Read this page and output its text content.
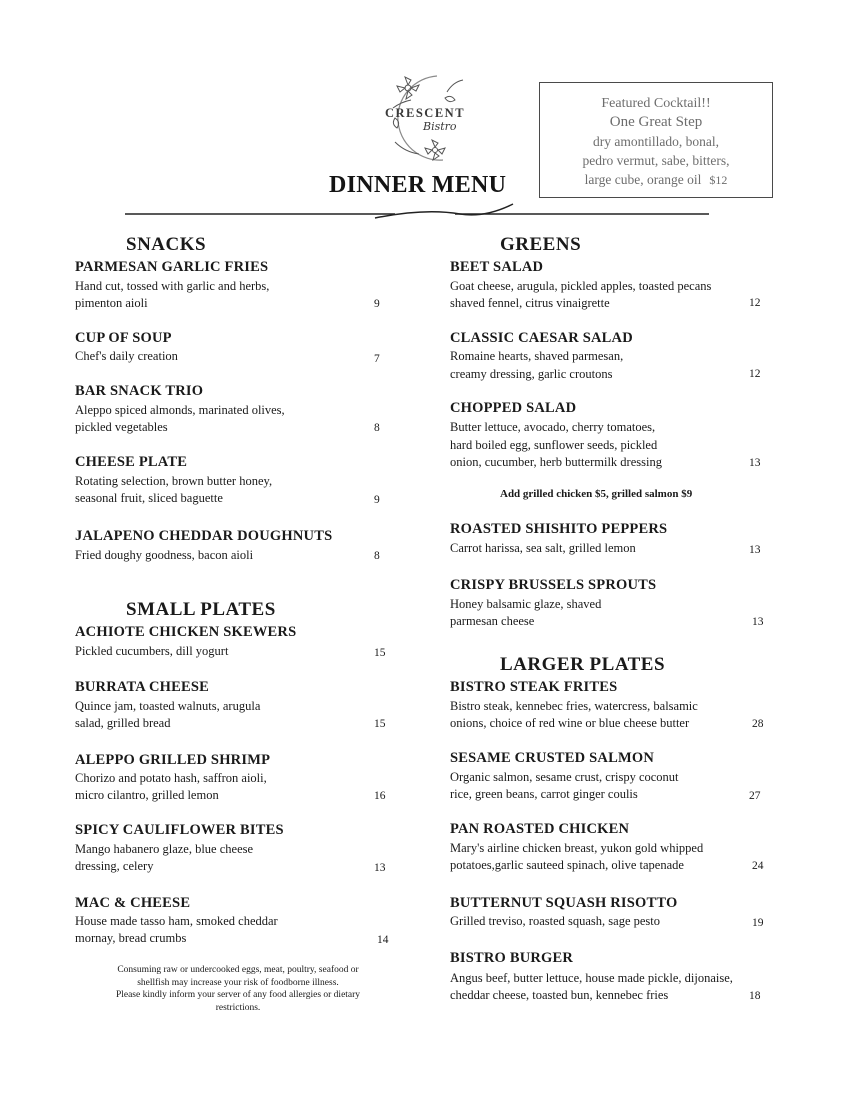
CRESCENT
Bistro
DINNER MENU
Featured Cocktail!!
One Great Step
dry amontillado, bonal,
pedro vermut, sabe, bitters,
large cube, orange oil $12
SNACKS
SMALL PLATES
GREENS
LARGER PLATES
PARMESAN GARLIC FRIES
Hand cut, tossed with garlic and herbs,
pimenton aioli	9
CUP OF SOUP
Chef's daily creation	7
BAR SNACK TRIO
Aleppo spiced almonds, marinated olives,
pickled vegetables	8
CHEESE PLATE
Rotating selection, brown butter honey,
seasonal fruit, sliced baguette	9
JALAPENO CHEDDAR DOUGHNUTS
Fried doughy goodness, bacon aioli	8
ACHIOTE CHICKEN SKEWERS
Pickled cucumbers, dill yogurt	15
BURRATA CHEESE
Quince jam, toasted walnuts, arugula
salad, grilled bread	15
ALEPPO GRILLED SHRIMP
Chorizo and potato hash, saffron aioli,
micro cilantro, grilled lemon	16
SPICY CAULIFLOWER BITES
Mango habanero glaze, blue cheese
dressing, celery	13
MAC & CHEESE
House made tasso ham, smoked cheddar
mornay, bread crumbs	14
Consuming raw or undercooked eggs, meat, poultry, seafood or
shellfish may increase your risk of foodborne illness.
Please kindly inform your server of any food allergies or dietary
restrictions.
BEET SALAD
Goat cheese, arugula, pickled apples, toasted pecans
shaved fennel, citrus vinaigrette	12
CLASSIC CAESAR SALAD
Romaine hearts, shaved parmesan,
creamy dressing, garlic croutons	12
CHOPPED SALAD
Butter lettuce, avocado, cherry tomatoes,
hard boiled egg, sunflower seeds, pickled
onion, cucumber, herb buttermilk dressing	13
Add grilled chicken $5, grilled salmon $9
ROASTED SHISHITO PEPPERS
Carrot harissa, sea salt, grilled lemon	13
CRISPY BRUSSELS SPROUTS
Honey balsamic glaze, shaved
parmesan cheese	13
BISTRO STEAK FRITES
Bistro steak, kennebec fries, watercress, balsamic
onions, choice of red wine or blue cheese butter	28
SESAME CRUSTED SALMON
Organic salmon, sesame crust, crispy coconut
rice, green beans, carrot ginger coulis	27
PAN ROASTED CHICKEN
Mary's airline chicken breast, yukon gold whipped
potatoes,garlic sauteed spinach, olive tapenade	24
BUTTERNUT SQUASH RISOTTO
Grilled treviso, roasted squash, sage pesto	19
BISTRO BURGER
Angus beef, butter lettuce, house made pickle, dijonaise,
cheddar cheese, toasted bun, kennebec fries	18
